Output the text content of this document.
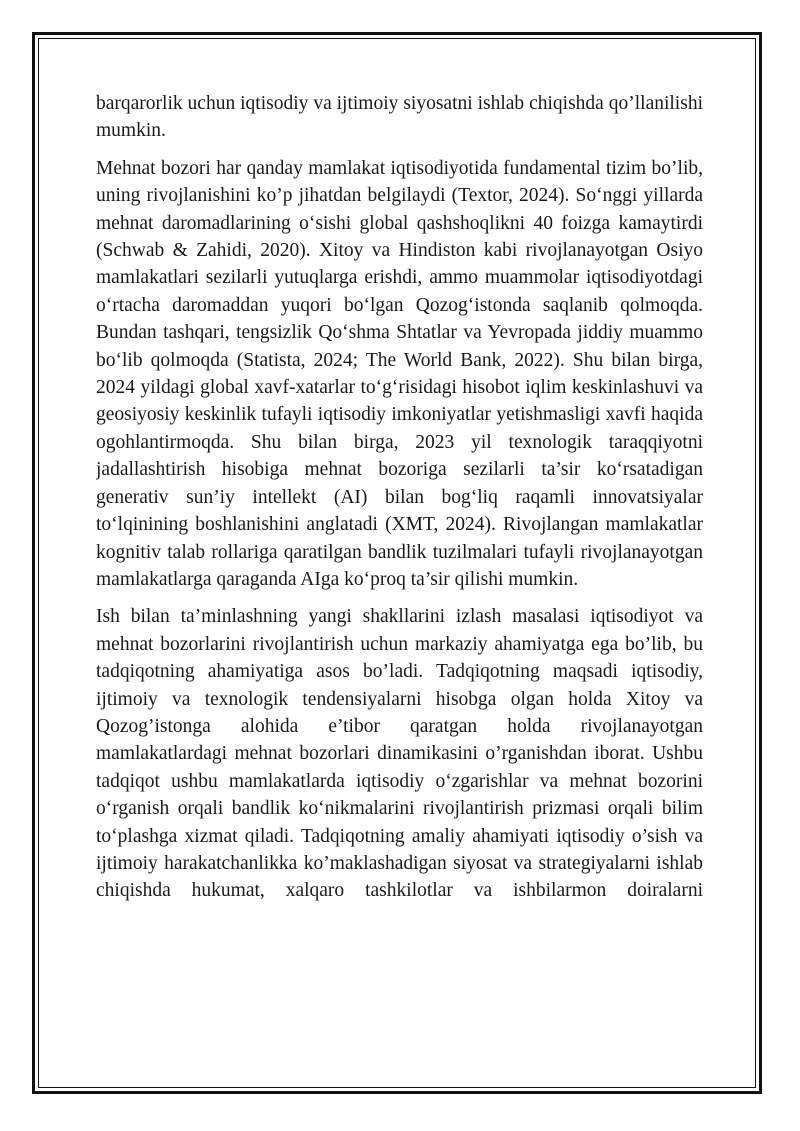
barqarorlik uchun iqtisodiy va ijtimoiy siyosatni ishlab chiqishda qo’llanilishi mumkin.

Mehnat bozori har qanday mamlakat iqtisodiyotida fundamental tizim bo’lib, uning rivojlanishini ko’p jihatdan belgilaydi (Textor, 2024). So‘nggi yillarda mehnat daromadlarining o‘sishi global qashshoqlikni 40 foizga kamaytirdi (Schwab & Zahidi, 2020). Xitoy va Hindiston kabi rivojlanayotgan Osiyo mamlakatlari sezilarli yutuqlarga erishdi, ammo muammolar iqtisodiyotdagi o‘rtacha daromaddan yuqori bo‘lgan Qozog‘istonda saqlanib qolmoqda. Bundan tashqari, tengsizlik Qo‘shma Shtatlar va Yevropada jiddiy muammo bo‘lib qolmoqda (Statista, 2024; The World Bank, 2022). Shu bilan birga, 2024 yildagi global xavf-xatarlar to‘g‘risidagi hisobot iqlim keskinlashuvi va geosiyosiy keskinlik tufayli iqtisodiy imkoniyatlar yetishmasligi xavfi haqida ogohlantirmoqda. Shu bilan birga, 2023 yil texnologik taraqqiyotni jadallashtirish hisobiga mehnat bozoriga sezilarli ta’sir ko‘rsatadigan generativ sun’iy intellekt (AI) bilan bog‘liq raqamli innovatsiyalar to‘lqinining boshlanishini anglatadi (XMT, 2024). Rivojlangan mamlakatlar kognitiv talab rollariga qaratilgan bandlik tuzilmalari tufayli rivojlanayotgan mamlakatlarga qaraganda AIga ko‘proq ta’sir qilishi mumkin.

Ish bilan ta’minlashning yangi shakllarini izlash masalasi iqtisodiyot va mehnat bozorlarini rivojlantirish uchun markaziy ahamiyatga ega bo’lib, bu tadqiqotning ahamiyatiga asos bo’ladi. Tadqiqotning maqsadi iqtisodiy, ijtimoiy va texnologik tendensiyalarni hisobga olgan holda Xitoy va Qozog’istonga alohida e’tibor qaratgan holda rivojlanayotgan mamlakatlardagi mehnat bozorlari dinamikasini o’rganishdan iborat. Ushbu tadqiqot ushbu mamlakatlarda iqtisodiy o‘zgarishlar va mehnat bozorini o‘rganish orqali bandlik ko‘nikmalarini rivojlantirish prizmasi orqali bilim to‘plashga xizmat qiladi. Tadqiqotning amaliy ahamiyati iqtisodiy o’sish va ijtimoiy harakatchanlikka ko’maklashadigan siyosat va strategiyalarni ishlab chiqishda hukumat, xalqaro tashkilotlar va ishbilarmon doiralarni
